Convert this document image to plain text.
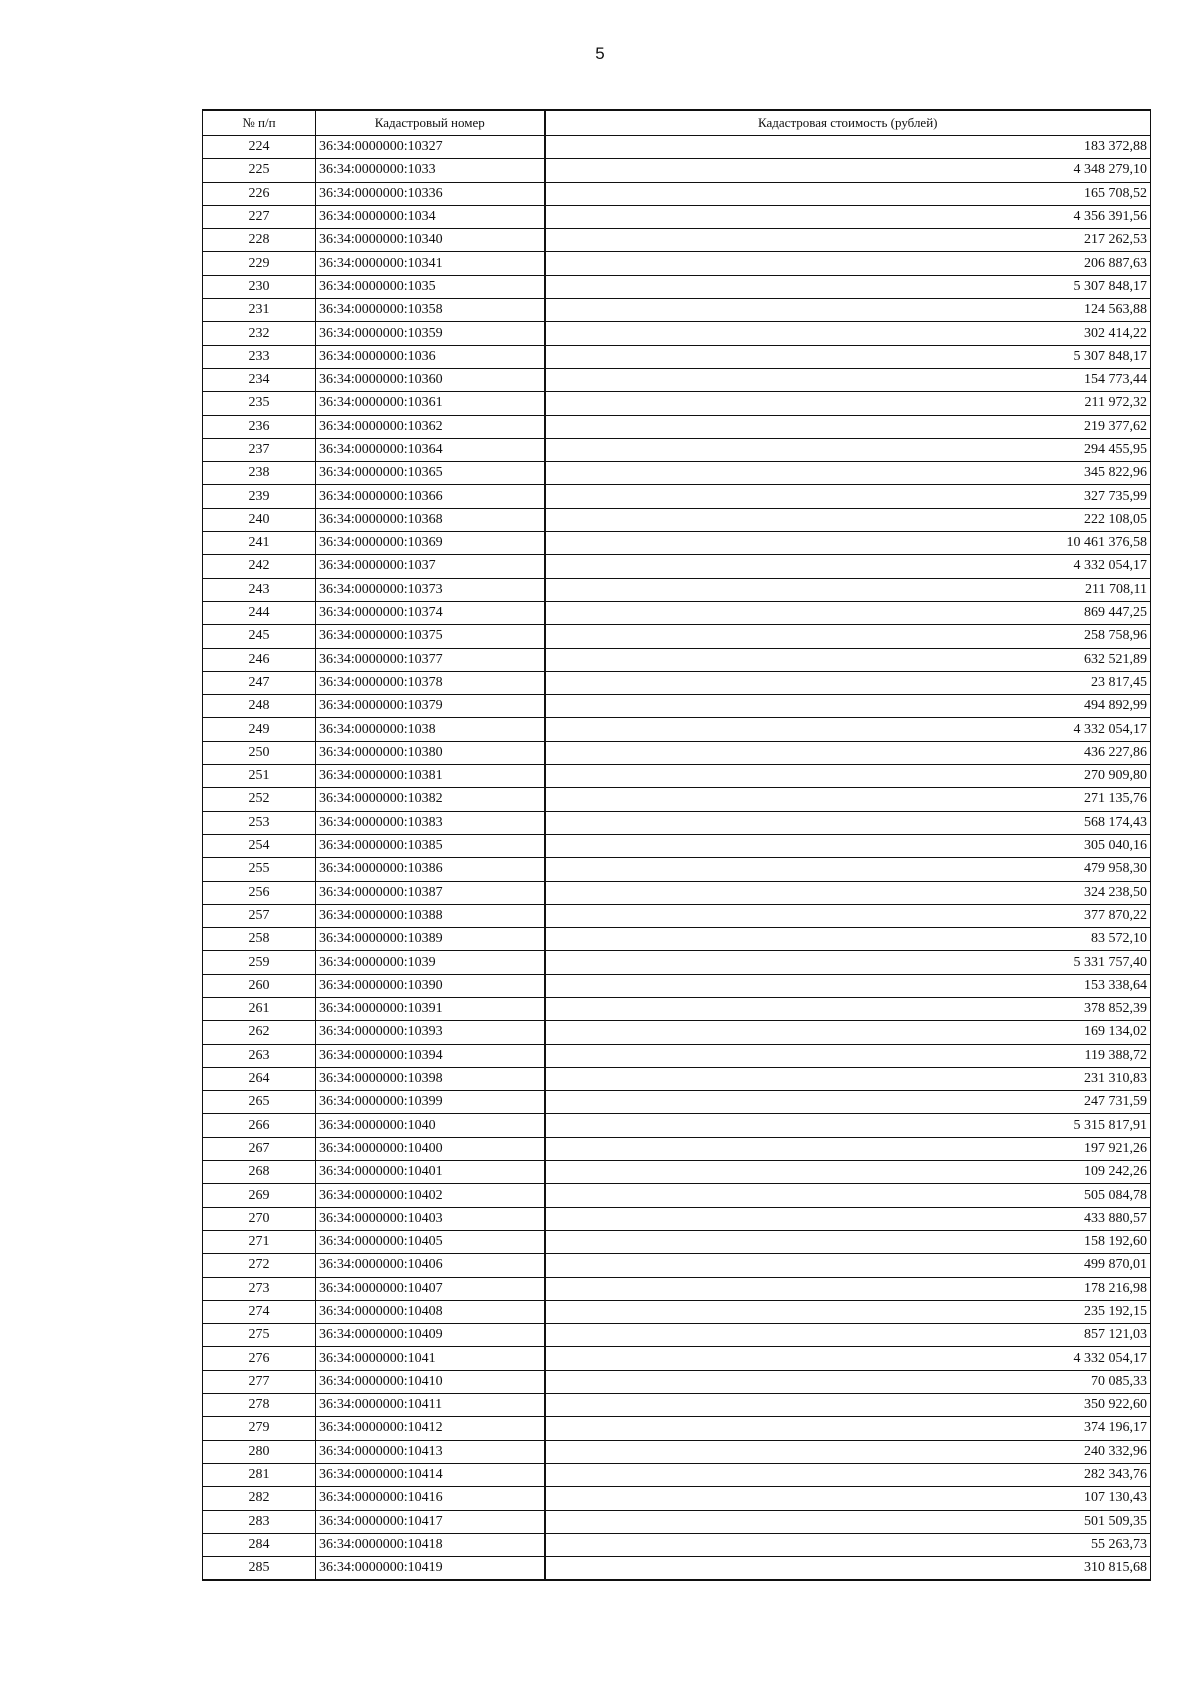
5
№ п/п	Кадастровый номер	Кадастровая стоимость (рублей)
224	36:34:0000000:10327	183 372,88
225	36:34:0000000:1033	4 348 279,10
226	36:34:0000000:10336	165 708,52
227	36:34:0000000:1034	4 356 391,56
228	36:34:0000000:10340	217 262,53
229	36:34:0000000:10341	206 887,63
230	36:34:0000000:1035	5 307 848,17
231	36:34:0000000:10358	124 563,88
232	36:34:0000000:10359	302 414,22
233	36:34:0000000:1036	5 307 848,17
234	36:34:0000000:10360	154 773,44
235	36:34:0000000:10361	211 972,32
236	36:34:0000000:10362	219 377,62
237	36:34:0000000:10364	294 455,95
238	36:34:0000000:10365	345 822,96
239	36:34:0000000:10366	327 735,99
240	36:34:0000000:10368	222 108,05
241	36:34:0000000:10369	10 461 376,58
242	36:34:0000000:1037	4 332 054,17
243	36:34:0000000:10373	211 708,11
244	36:34:0000000:10374	869 447,25
245	36:34:0000000:10375	258 758,96
246	36:34:0000000:10377	632 521,89
247	36:34:0000000:10378	23 817,45
248	36:34:0000000:10379	494 892,99
249	36:34:0000000:1038	4 332 054,17
250	36:34:0000000:10380	436 227,86
251	36:34:0000000:10381	270 909,80
252	36:34:0000000:10382	271 135,76
253	36:34:0000000:10383	568 174,43
254	36:34:0000000:10385	305 040,16
255	36:34:0000000:10386	479 958,30
256	36:34:0000000:10387	324 238,50
257	36:34:0000000:10388	377 870,22
258	36:34:0000000:10389	83 572,10
259	36:34:0000000:1039	5 331 757,40
260	36:34:0000000:10390	153 338,64
261	36:34:0000000:10391	378 852,39
262	36:34:0000000:10393	169 134,02
263	36:34:0000000:10394	119 388,72
264	36:34:0000000:10398	231 310,83
265	36:34:0000000:10399	247 731,59
266	36:34:0000000:1040	5 315 817,91
267	36:34:0000000:10400	197 921,26
268	36:34:0000000:10401	109 242,26
269	36:34:0000000:10402	505 084,78
270	36:34:0000000:10403	433 880,57
271	36:34:0000000:10405	158 192,60
272	36:34:0000000:10406	499 870,01
273	36:34:0000000:10407	178 216,98
274	36:34:0000000:10408	235 192,15
275	36:34:0000000:10409	857 121,03
276	36:34:0000000:1041	4 332 054,17
277	36:34:0000000:10410	70 085,33
278	36:34:0000000:10411	350 922,60
279	36:34:0000000:10412	374 196,17
280	36:34:0000000:10413	240 332,96
281	36:34:0000000:10414	282 343,76
282	36:34:0000000:10416	107 130,43
283	36:34:0000000:10417	501 509,35
284	36:34:0000000:10418	55 263,73
285	36:34:0000000:10419	310 815,68
